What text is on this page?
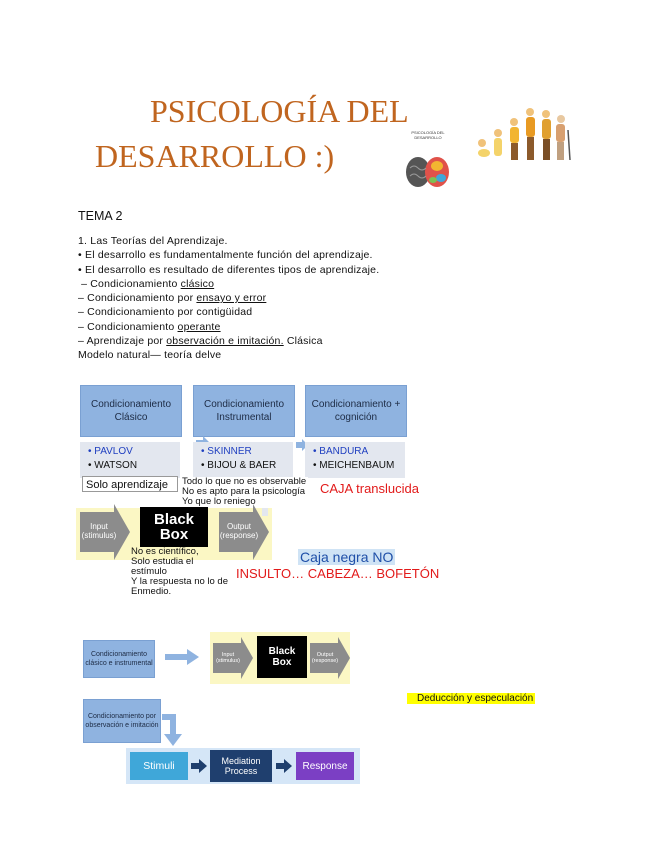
PSICOLOGÍA DEL
DESARROLLO :)
PSICOLOGÍA DEL DESARROLLO
TEMA 2
1. Las Teorías del Aprendizaje.
• El desarrollo es fundamentalmente función del aprendizaje.
• El desarrollo es resultado de diferentes tipos de aprendizaje.
– Condicionamiento clásico
– Condicionamiento por ensayo y error
– Condicionamiento por contigüidad
– Condicionamiento operante
– Aprendizaje por observación e imitación. Clásica
Modelo natural— teoría delve
Condicionamiento Clásico
Condicionamiento Instrumental
Condicionamiento + cognición
• PAVLOV
• WATSON
• SKINNER
• BIJOU & BAER
• BANDURA
• MEICHENBAUM
Solo aprendizaje	Todo lo que no es observable
No es apto para la psicología
Yo que lo reniego
CAJA translucida
Input (stimulus)
Black Box	Output (response)
No es científico,
Solo estudia el estímulo
Y la respuesta no lo de
Enmedio.
Caja negra NO
INSULTO… CABEZA… BOFETÓN
Condicionamiento clásico e instrumental
Input (stimulus)
Black Box
Output (response)
Deducción y especulación
Condicionamiento por observación e imitación
Stimuli	Mediation Process	Response
